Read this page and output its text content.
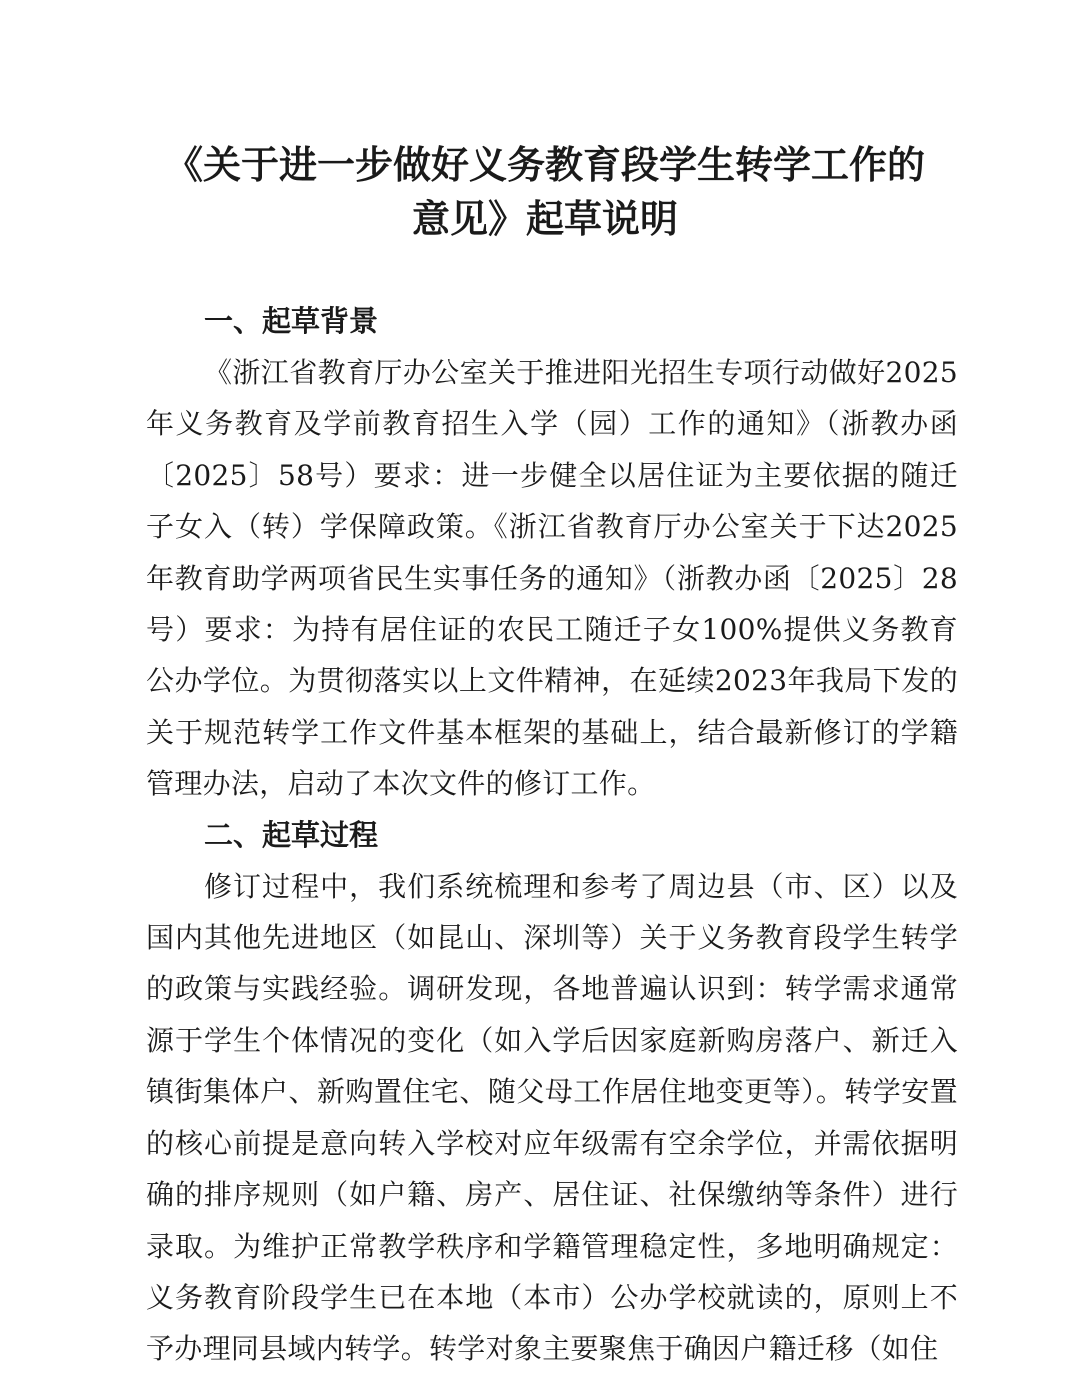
《关于进一步做好义务教育段学生转学工作的意见》起草说明

一、起草背景

《浙江省教育厅办公室关于推进阳光招生专项行动做好2025年义务教育及学前教育招生入学（园）工作的通知》（浙教办函〔2025〕58号）要求：进一步健全以居住证为主要依据的随迁子女入（转）学保障政策。《浙江省教育厅办公室关于下达2025年教育助学两项省民生实事任务的通知》（浙教办函〔2025〕28号）要求：为持有居住证的农民工随迁子女100%提供义务教育公办学位。为贯彻落实以上文件精神，在延续2023年我局下发的关于规范转学工作文件基本框架的基础上，结合最新修订的学籍管理办法，启动了本次文件的修订工作。

二、起草过程

修订过程中，我们系统梳理和参考了周边县（市、区）以及国内其他先进地区（如昆山、深圳等）关于义务教育段学生转学的政策与实践经验。调研发现，各地普遍认识到：转学需求通常源于学生个体情况的变化（如入学后因家庭新购房落户、新迁入镇街集体户、新购置住宅、随父母工作居住地变更等）。转学安置的核心前提是意向转入学校对应年级需有空余学位，并需依据明确的排序规则（如户籍、房产、居住证、社保缴纳等条件）进行录取。为维护正常教学秩序和学籍管理稳定性，多地明确规定：义务教育阶段学生已在本地（本市）公办学校就读的，原则上不予办理同县域内转学。转学对象主要聚焦于确因户籍迁移（如住
